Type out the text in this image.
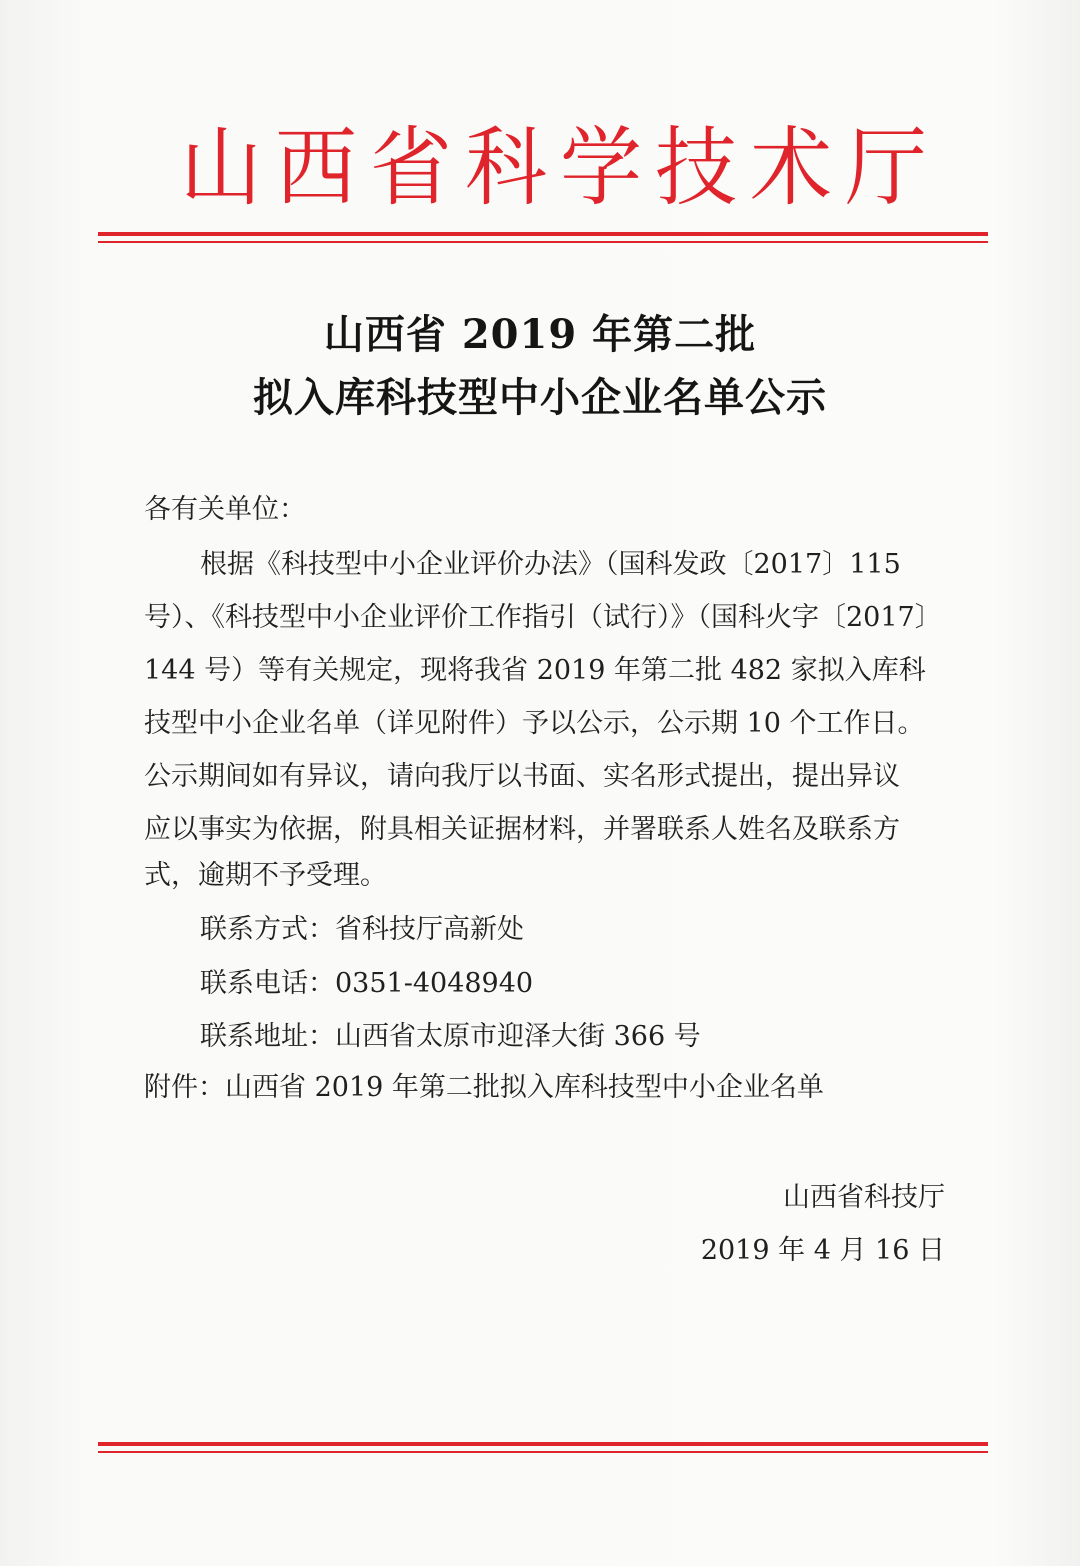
山西省科学技术厅
山西省 2019 年第二批
拟入库科技型中小企业名单公示
各有关单位：
根据《科技型中小企业评价办法》（国科发政〔2017〕115
号）、《科技型中小企业评价工作指引（试行）》（国科火字〔2017〕
144 号）等有关规定，现将我省 2019 年第二批 482 家拟入库科
技型中小企业名单（详见附件）予以公示，公示期 10 个工作日。
公示期间如有异议，请向我厅以书面、实名形式提出，提出异议
应以事实为依据，附具相关证据材料，并署联系人姓名及联系方
式，逾期不予受理。
联系方式：省科技厅高新处
联系电话：0351-4048940
联系地址：山西省太原市迎泽大街 366 号
附件：山西省 2019 年第二批拟入库科技型中小企业名单
山西省科技厅
2019 年 4 月 16 日
